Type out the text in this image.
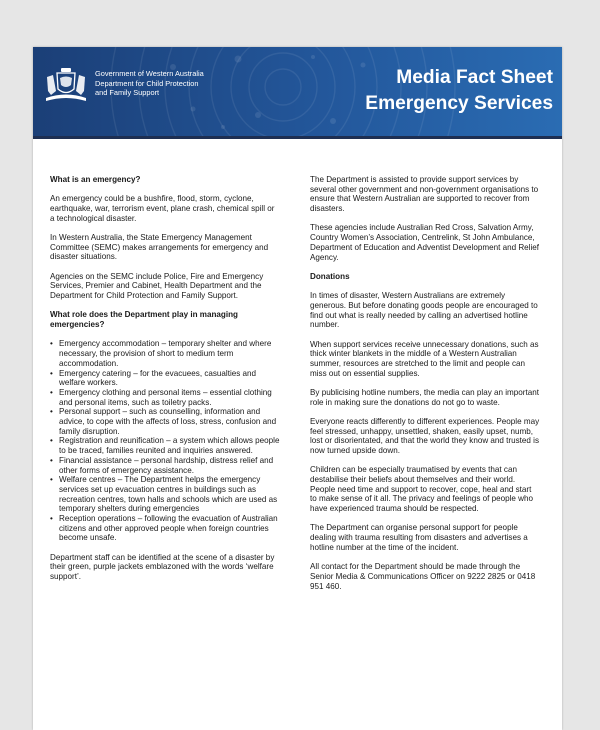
Government of Western Australia
Department for Child Protection
and Family Support
Media Fact Sheet
Emergency Services
What is an emergency?

An emergency could be a bushfire, flood, storm, cyclone, earthquake, war, terrorism event, plane crash, chemical spill or a technological disaster.

In Western Australia, the State Emergency Management Committee (SEMC) makes arrangements for emergency and disaster situations.

Agencies on the SEMC include Police, Fire and Emergency Services, Premier and Cabinet, Health Department and the Department for Child Protection and Family Support.

What role does the Department play in managing emergencies?
• Emergency accommodation – temporary shelter and where necessary, the provision of short to medium term accommodation.
• Emergency catering – for the evacuees, casualties and welfare workers.
• Emergency clothing and personal items – essential clothing and personal items, such as toiletry packs.
• Personal support – such as counselling, information and advice, to cope with the affects of loss, stress, confusion and family disruption.
• Registration and reunification – a system which allows people to be traced, families reunited and inquiries answered.
• Financial assistance – personal hardship, distress relief and other forms of emergency assistance.
• Welfare centres – The Department helps the emergency services set up evacuation centres in buildings such as recreation centres, town halls and schools which are used as temporary shelters during emergencies
• Reception operations – following the evacuation of Australian citizens and other approved people when foreign countries become unsafe.

Department staff can be identified at the scene of a disaster by their green, purple jackets emblazoned with the words ‘welfare support’.

The Department is assisted to provide support services by several other government and non-government organisations to ensure that Western Australian are supported to recover from disasters.

These agencies include Australian Red Cross, Salvation Army, Country Women’s Association, Centrelink, St John Ambulance, Department of Education and Adventist Development and Relief Agency.

Donations

In times of disaster, Western Australians are extremely generous. But before donating goods people are encouraged to find out what is really needed by calling an advertised hotline number.

When support services receive unnecessary donations, such as thick winter blankets in the middle of a Western Australian summer, resources are stretched to the limit and people can miss out on essential supplies.

By publicising hotline numbers, the media can play an important role in making sure the donations do not go to waste.

Everyone reacts differently to different experiences. People may feel stressed, unhappy, unsettled, shaken, easily upset, numb, lost or disorientated, and that the world they know and trusted is now turned upside down.

Children can be especially traumatised by events that can destabilise their beliefs about themselves and their world. People need time and support to recover, cope, heal and start to make sense of it all. The privacy and feelings of people who have experienced trauma should be respected.

The Department can organise personal support for people dealing with trauma resulting from disasters and advertises a hotline number at the time of the incident.

All contact for the Department should be made through the Senior Media & Communications Officer on 9222 2825 or 0418 951 460.
